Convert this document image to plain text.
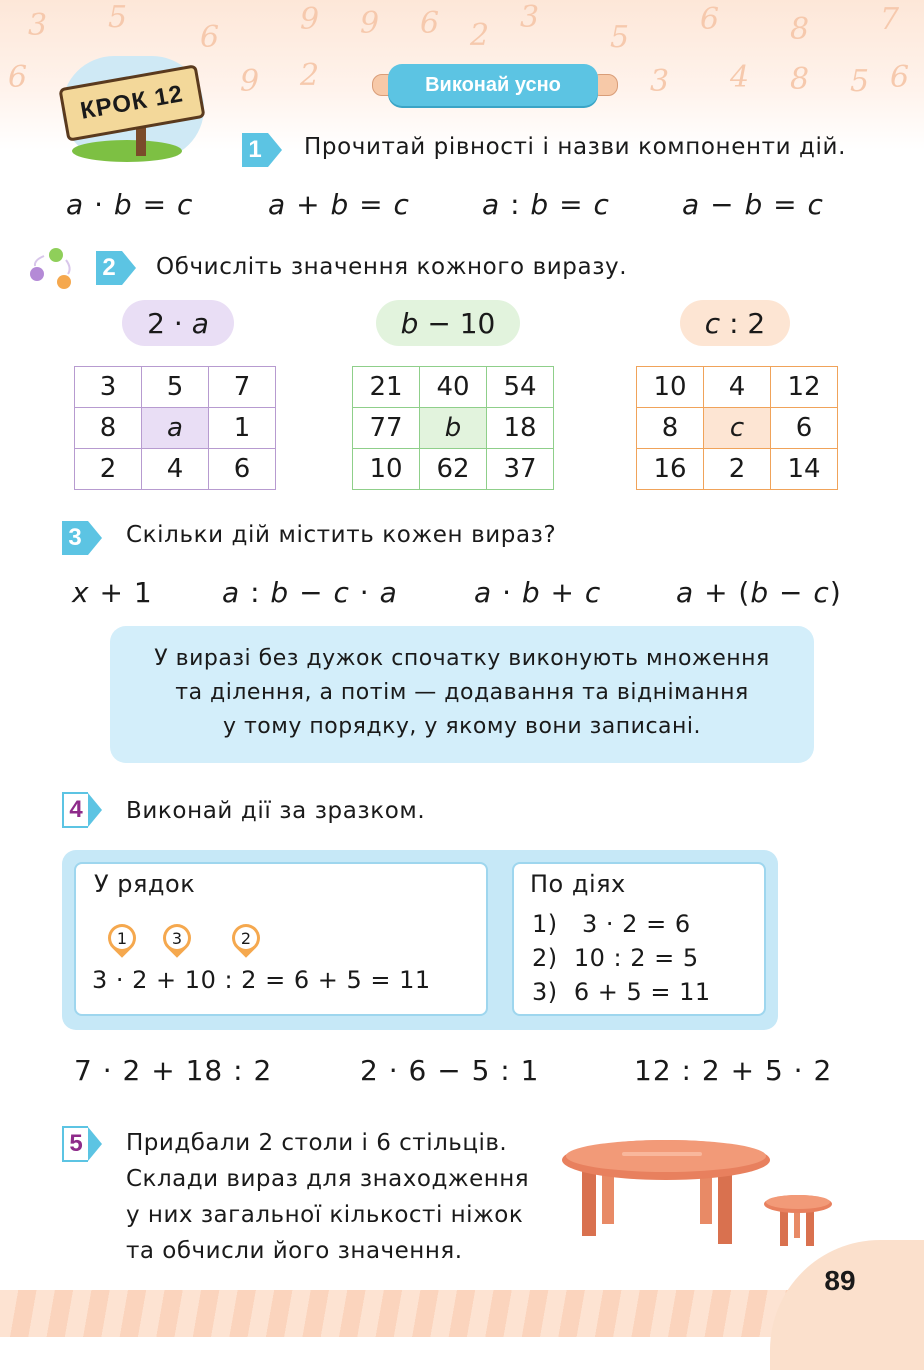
3 5
6
9	6	3
5
6 8 7
6	9 2	3 4 8 5 6
9	2
89
КРОК 12	Виконай усно
1 Прочитай рівності і назви компоненти дій.
a · b = c	a + b = c	a : b = c	a − b = c
2 Обчисліть значення кожного виразу.
2
·
a	b
−
10	c
:
2
3	5	7
8	a	1
2	4	6
21	40	54
77	b	18
10	62	37
10	4	12
8	c	6
16	2	14
3 Скільки дій містить кожен вираз?
x + 1 a : b − c · a	a · b + c	a + (b − c)
У виразі без дужок спочатку виконують множення
та ділення, а потім — додавання та віднімання
у тому порядку, у якому вони записані.
4 Виконай дії за зразком.
У рядок
1	3	2
3 · 2 + 10 : 2 = 6 + 5 = 11
По діях
1)   3 · 2 = 6
2)  10 : 2 = 5
3)  6 + 5 = 11
7 · 2 + 18 : 2	2 · 6 − 5 : 1	12 : 2 + 5 · 2
5 Придбали 2 столи і 6 стільців.
Склади вираз для знаходження
у них загальної кількості ніжок
та обчисли його значення.
